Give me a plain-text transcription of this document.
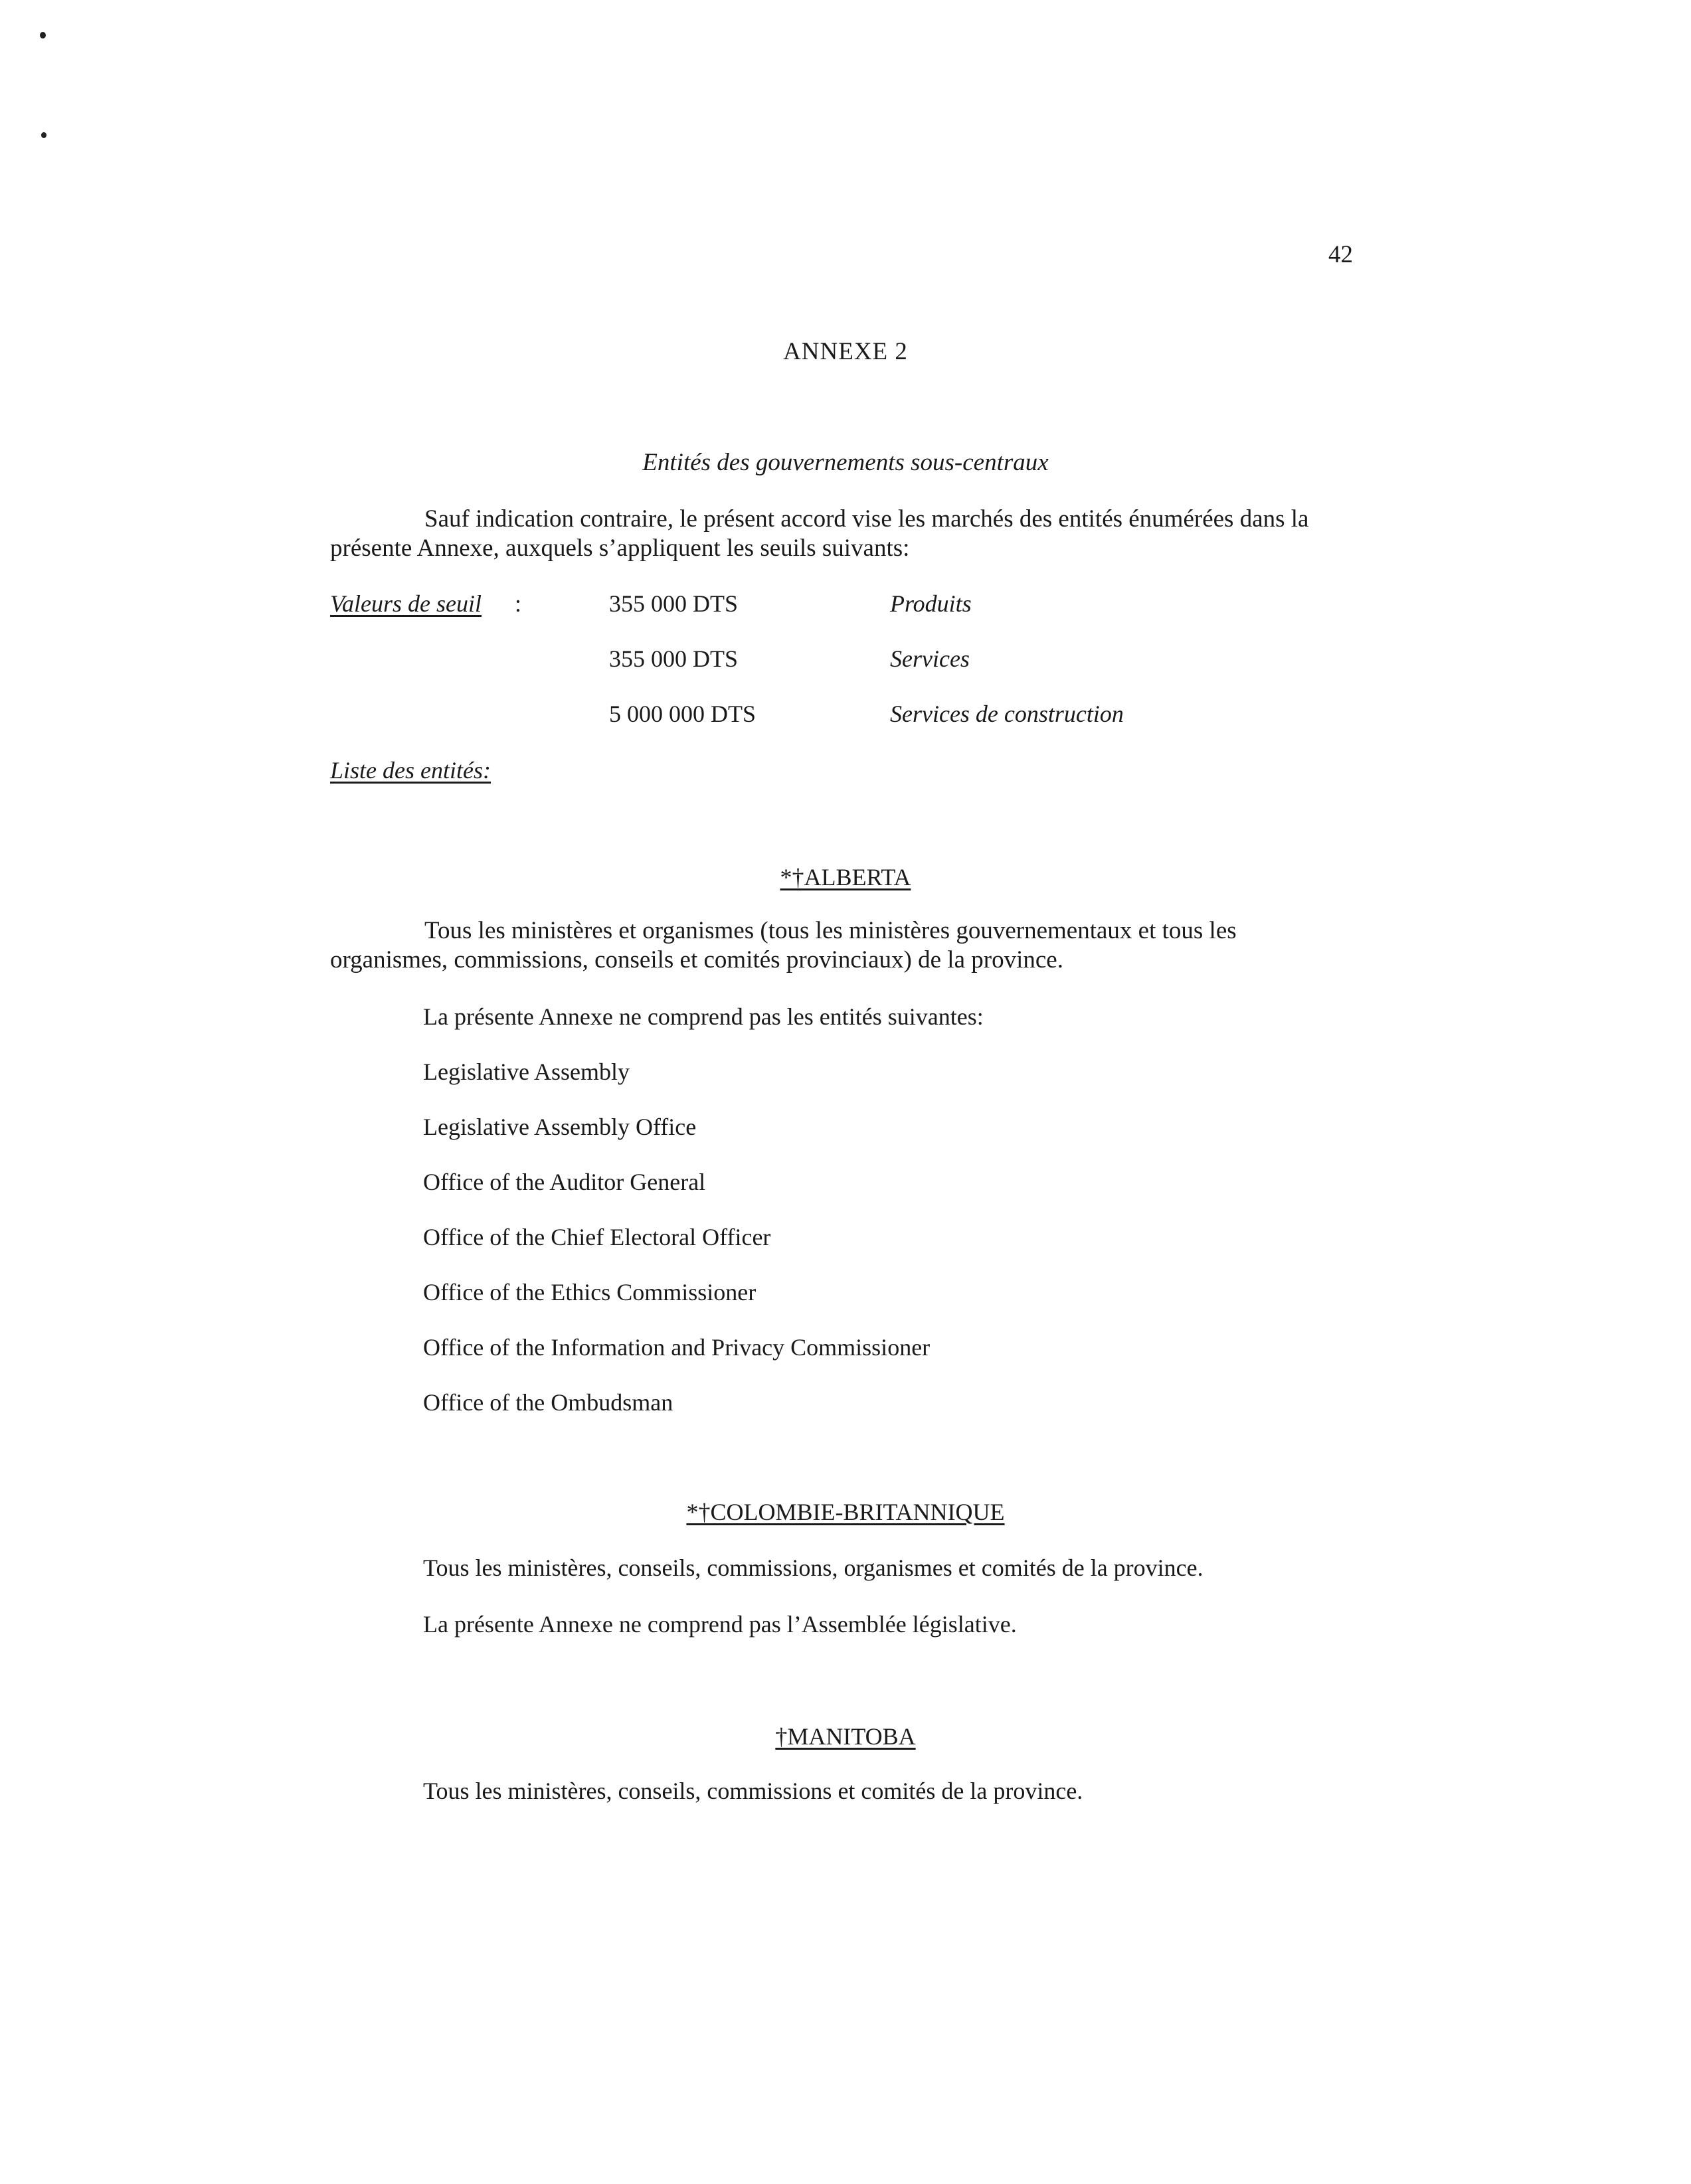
42
ANNEXE 2
Entités des gouvernements sous-centraux
Sauf indication contraire, le présent accord vise les marchés des entités énumérées dans la
présente Annexe, auxquels s’appliquent les seuils suivants:
Valeurs de seuil :	355 000 DTS	Produits
355 000 DTS	Services
5 000 000 DTS	Services de construction
Liste des entités:
*†ALBERTA
Tous les ministères et organismes (tous les ministères gouvernementaux et tous les
organismes, commissions, conseils et comités provinciaux) de la province.
La présente Annexe ne comprend pas les entités suivantes:
Legislative Assembly
Legislative Assembly Office
Office of the Auditor General
Office of the Chief Electoral Officer
Office of the Ethics Commissioner
Office of the Information and Privacy Commissioner
Office of the Ombudsman
*†COLOMBIE-BRITANNIQUE
Tous les ministères, conseils, commissions, organismes et comités de la province.
La présente Annexe ne comprend pas l’Assemblée législative.
†MANITOBA
Tous les ministères, conseils, commissions et comités de la province.
